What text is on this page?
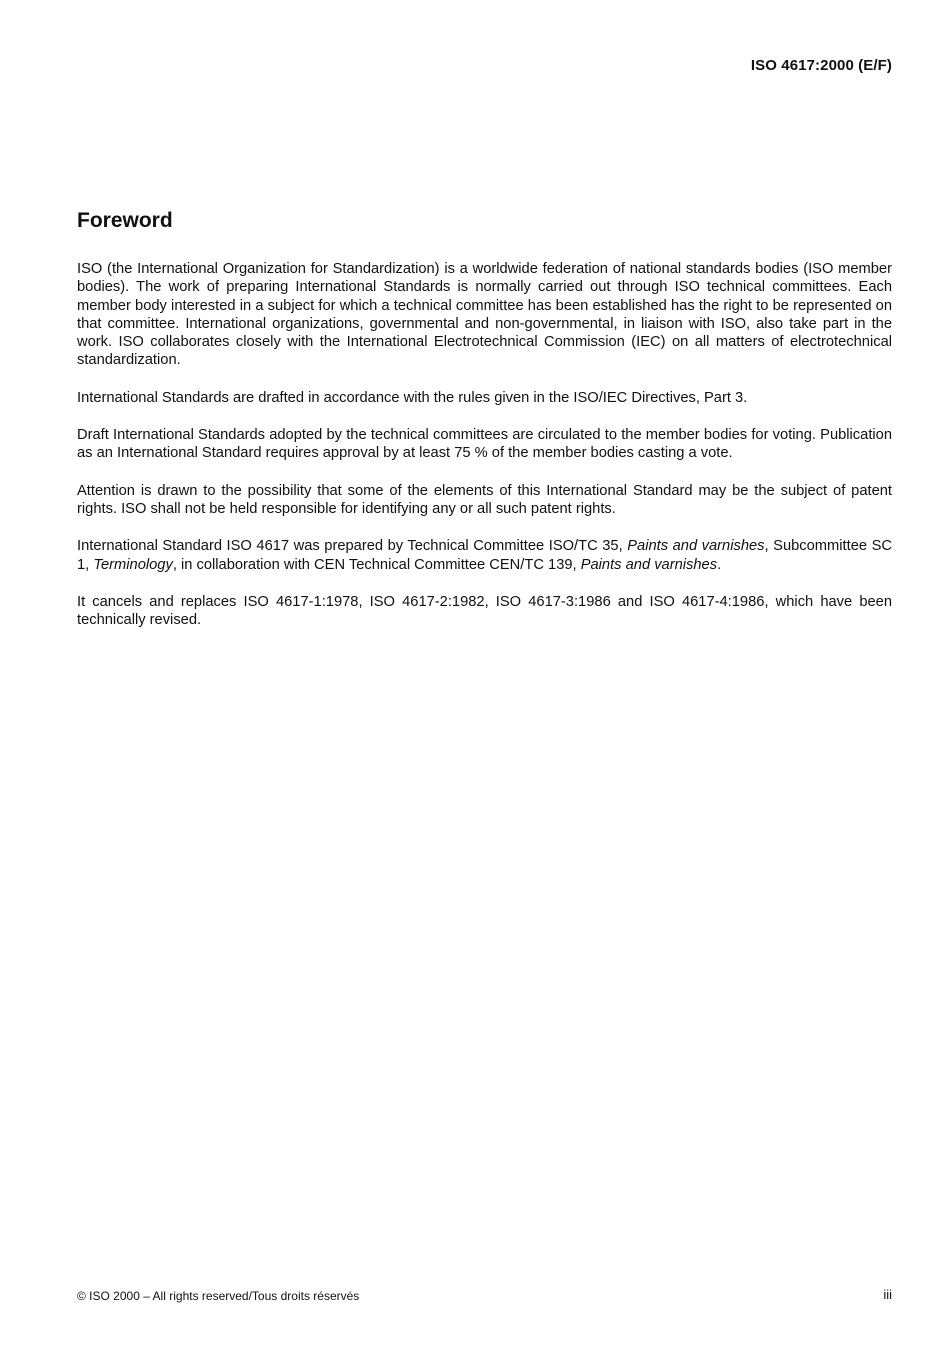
ISO 4617:2000 (E/F)
Foreword

ISO (the International Organization for Standardization) is a worldwide federation of national standards bodies (ISO member bodies). The work of preparing International Standards is normally carried out through ISO technical committees. Each member body interested in a subject for which a technical committee has been established has the right to be represented on that committee. International organizations, governmental and non-governmental, in liaison with ISO, also take part in the work. ISO collaborates closely with the International Electrotechnical Commission (IEC) on all matters of electrotechnical standardization.

International Standards are drafted in accordance with the rules given in the ISO/IEC Directives, Part 3.

Draft International Standards adopted by the technical committees are circulated to the member bodies for voting. Publication as an International Standard requires approval by at least 75 % of the member bodies casting a vote.

Attention is drawn to the possibility that some of the elements of this International Standard may be the subject of patent rights. ISO shall not be held responsible for identifying any or all such patent rights.

International Standard ISO 4617 was prepared by Technical Committee ISO/TC 35, Paints and varnishes, Subcommittee SC 1, Terminology, in collaboration with CEN Technical Committee CEN/TC 139, Paints and varnishes.

It cancels and replaces ISO 4617-1:1978, ISO 4617-2:1982, ISO 4617-3:1986 and ISO 4617-4:1986, which have been technically revised.

© ISO 2000 – All rights reserved/Tous droits réservés	iii
